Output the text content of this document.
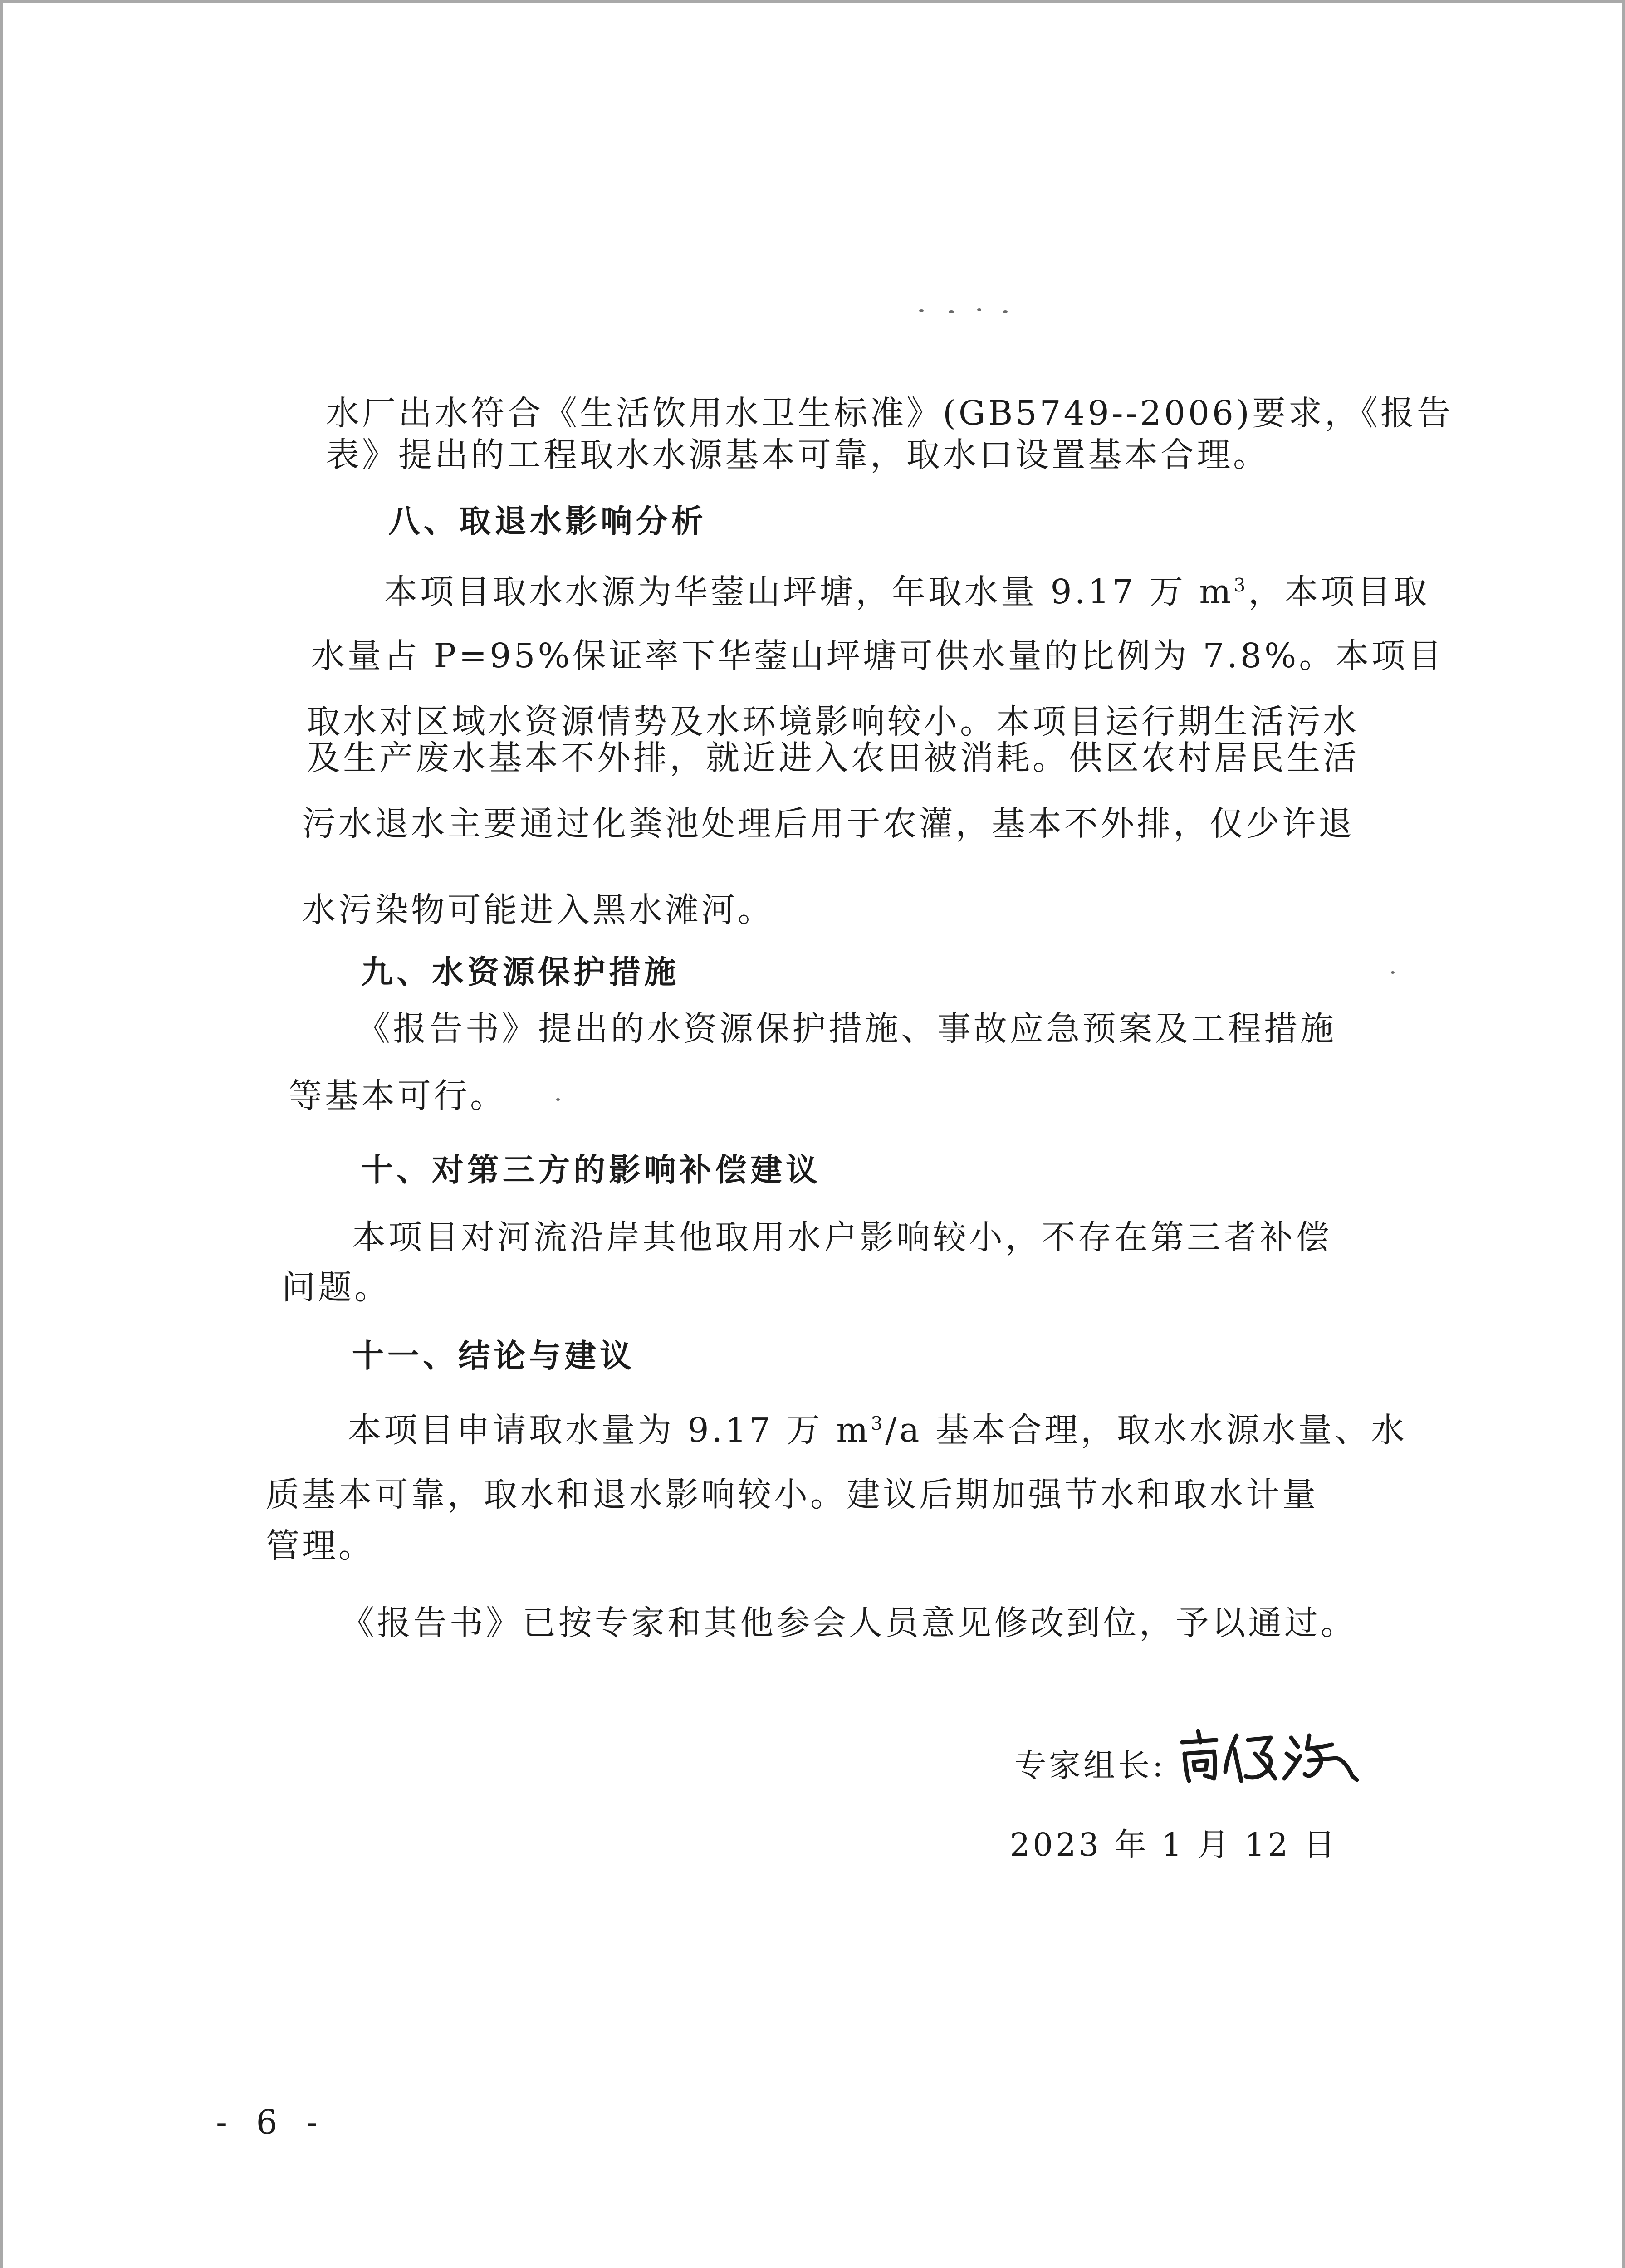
水厂出水符合《生活饮用水卫生标准》(GB5749--2006)要求，《报告
表》提出的工程取水水源基本可靠，取水口设置基本合理。
八、取退水影响分析
本项目取水水源为华蓥山坪塘，年取水量 9.17 万 $m^3$，本项目取
水量占 P=95%保证率下华蓥山坪塘可供水量的比例为 7.8%。本项目
取水对区域水资源情势及水环境影响较小。本项目运行期生活污水
及生产废水基本不外排，就近进入农田被消耗。供区农村居民生活
污水退水主要通过化粪池处理后用于农灌，基本不外排，仅少许退
水污染物可能进入黑水滩河。
九、水资源保护措施
《报告书》提出的水资源保护措施、事故应急预案及工程措施
等基本可行。
十、对第三方的影响补偿建议
本项目对河流沿岸其他取用水户影响较小，不存在第三者补偿
问题。
十一、结论与建议
本项目申请取水量为 9.17 万 $m^3/a$ 基本合理，取水水源水量、水
质基本可靠，取水和退水影响较小。建议后期加强节水和取水计量
管理。
《报告书》已按专家和其他参会人员意见修改到位，予以通过。
专家组长:
2023 年 1 月 12 日
- 6 -
